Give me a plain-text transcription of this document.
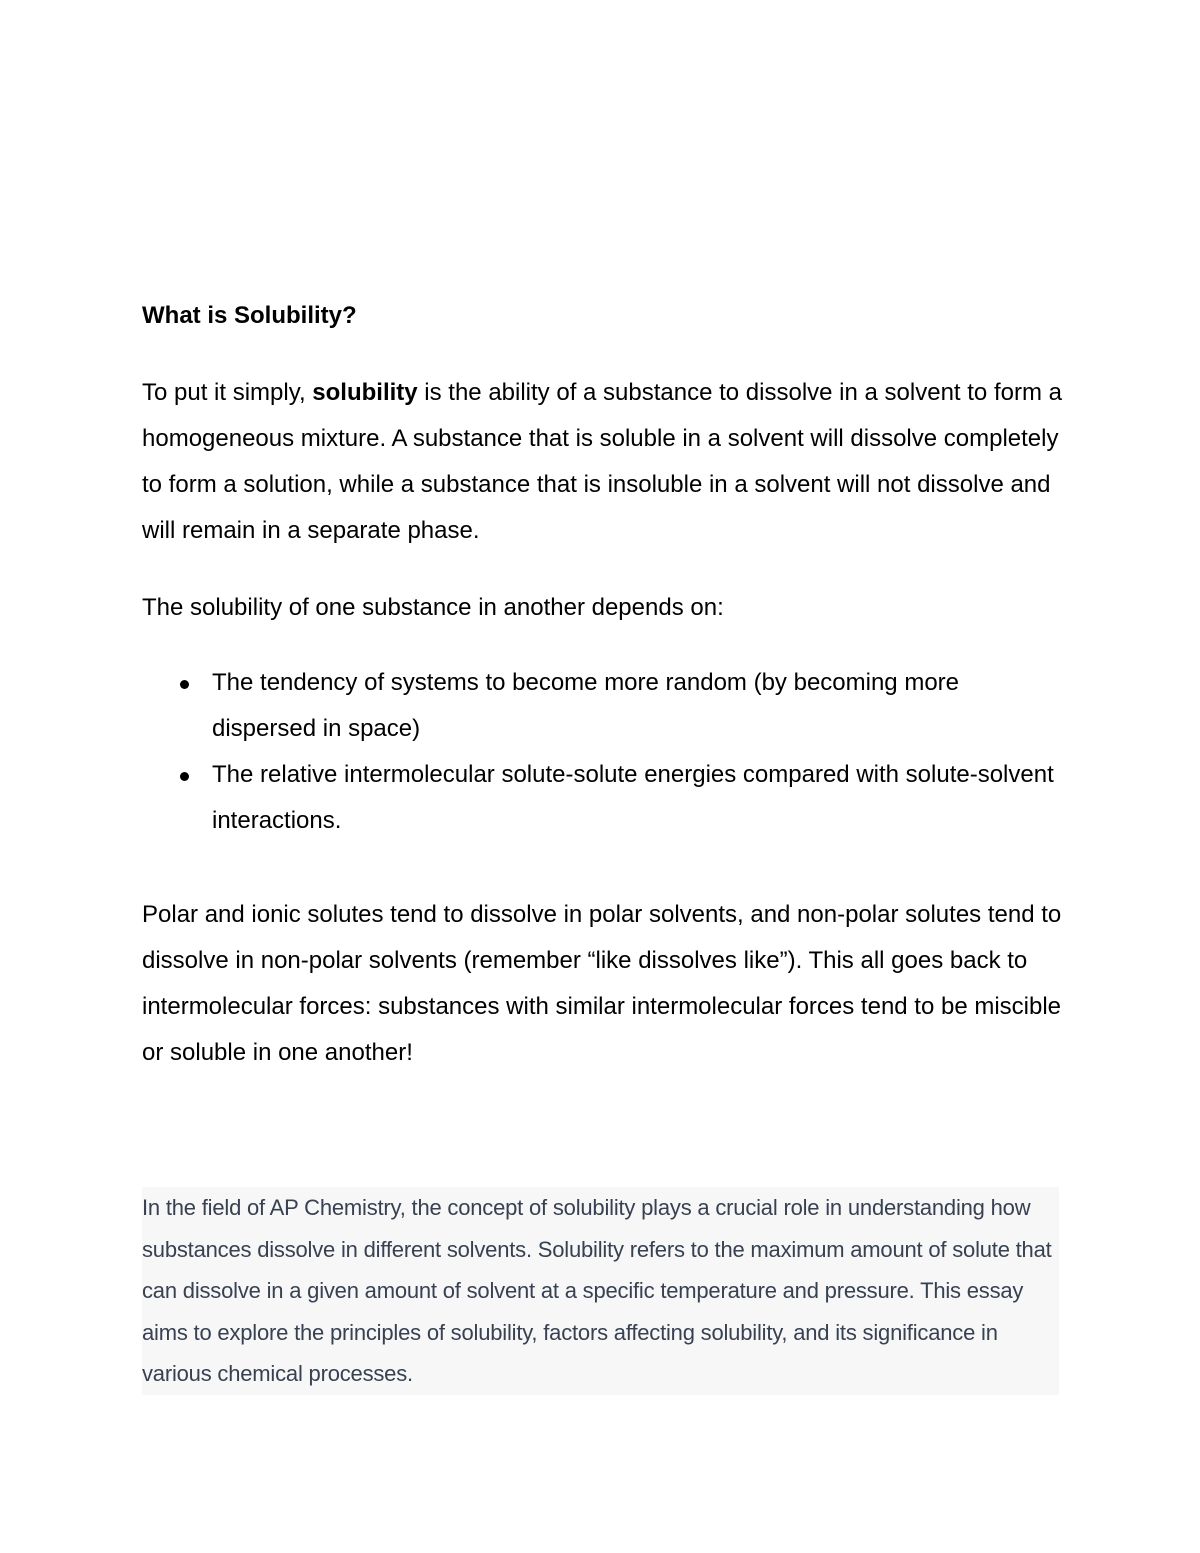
What is Solubility?

To put it simply, solubility is the ability of a substance to dissolve in a solvent to form a homogeneous mixture. A substance that is soluble in a solvent will dissolve completely to form a solution, while a substance that is insoluble in a solvent will not dissolve and will remain in a separate phase.

The solubility of one substance in another depends on:

The tendency of systems to become more random (by becoming more dispersed in space)
The relative intermolecular solute-solute energies compared with solute-solvent interactions.

Polar and ionic solutes tend to dissolve in polar solvents, and non-polar solutes tend to dissolve in non-polar solvents (remember “like dissolves like”). This all goes back to intermolecular forces: substances with similar intermolecular forces tend to be miscible or soluble in one another!

In the field of AP Chemistry, the concept of solubility plays a crucial role in understanding how substances dissolve in different solvents. Solubility refers to the maximum amount of solute that can dissolve in a given amount of solvent at a specific temperature and pressure. This essay aims to explore the principles of solubility, factors affecting solubility, and its significance in various chemical processes.
